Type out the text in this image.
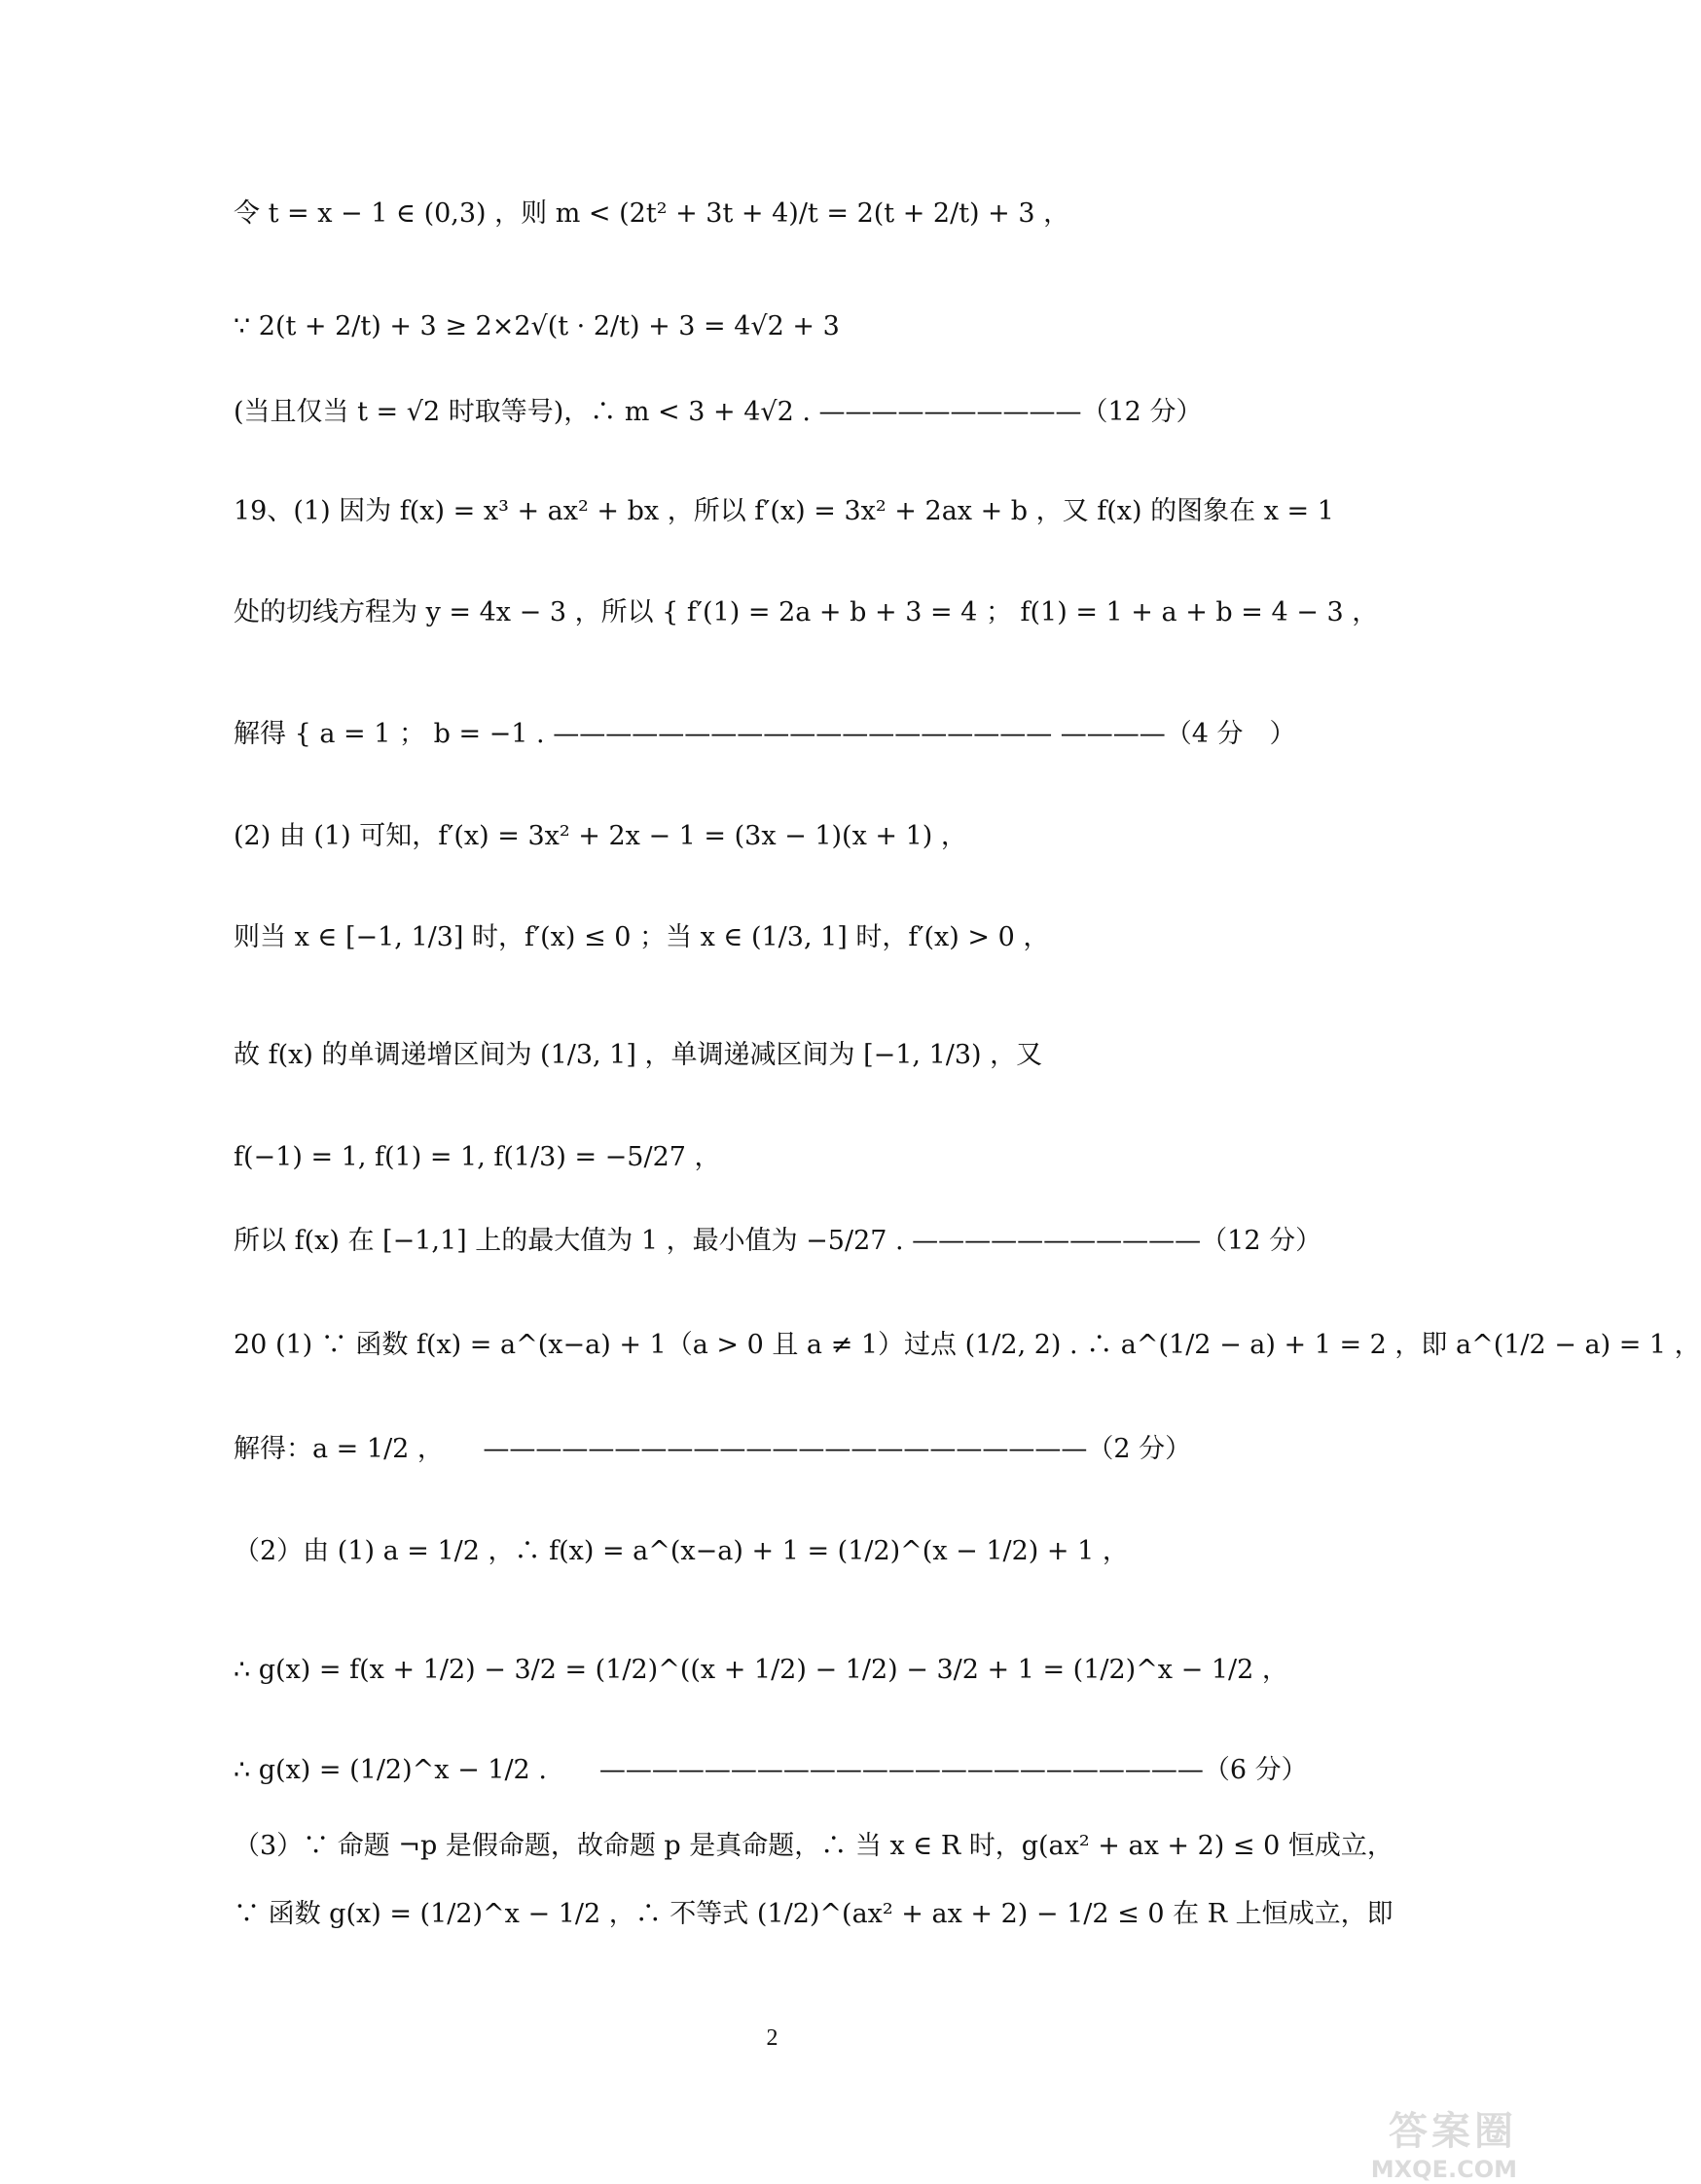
令 t = x − 1 ∈ (0,3) ，则 m < (2t² + 3t + 4)/t = 2(t + 2/t) + 3 ，
∵ 2(t + 2/t) + 3 ≥ 2×2√(t · 2/t) + 3 = 4√2 + 3
(当且仅当 t = √2 时取等号)，∴ m < 3 + 4√2 . ——————————（12 分）
19、(1) 因为 f(x) = x³ + ax² + bx ，所以 f′(x) = 3x² + 2ax + b ，又 f(x) 的图象在 x = 1
处的切线方程为 y = 4x − 3 ，所以 { f′(1) = 2a + b + 3 = 4 ； f(1) = 1 + a + b = 4 − 3 ，
解得 { a = 1 ； b = −1 . ——————————————————— ————（4 分　）
(2) 由 (1) 可知，f′(x) = 3x² + 2x − 1 = (3x − 1)(x + 1) ，
则当 x ∈ [−1, 1/3] 时，f′(x) ≤ 0 ；当 x ∈ (1/3, 1] 时，f′(x) > 0 ，
故 f(x) 的单调递增区间为 (1/3, 1] ，单调递减区间为 [−1, 1/3) ，又
f(−1) = 1, f(1) = 1, f(1/3) = −5/27 ，
所以 f(x) 在 [−1,1] 上的最大值为 1 ，最小值为 −5/27 . ———————————（12 分）
20 (1) ∵ 函数 f(x) = a^(x−a) + 1（a > 0 且 a ≠ 1）过点 (1/2, 2) . ∴ a^(1/2 − a) + 1 = 2 ，即 a^(1/2 − a) = 1 ，
解得：a = 1/2 ，　　———————————————————————（2 分）
（2）由 (1) a = 1/2 ，∴ f(x) = a^(x−a) + 1 = (1/2)^(x − 1/2) + 1 ，
∴ g(x) = f(x + 1/2) − 3/2 = (1/2)^((x + 1/2) − 1/2) − 3/2 + 1 = (1/2)^x − 1/2 ，
∴ g(x) = (1/2)^x − 1/2 .　　———————————————————————（6 分）
（3）∵ 命题 ¬p 是假命题，故命题 p 是真命题，∴ 当 x ∈ R 时，g(ax² + ax + 2) ≤ 0 恒成立，
∵ 函数 g(x) = (1/2)^x − 1/2 ，∴ 不等式 (1/2)^(ax² + ax + 2) − 1/2 ≤ 0 在 R 上恒成立，即
2
答案圈
MXQE.COM
